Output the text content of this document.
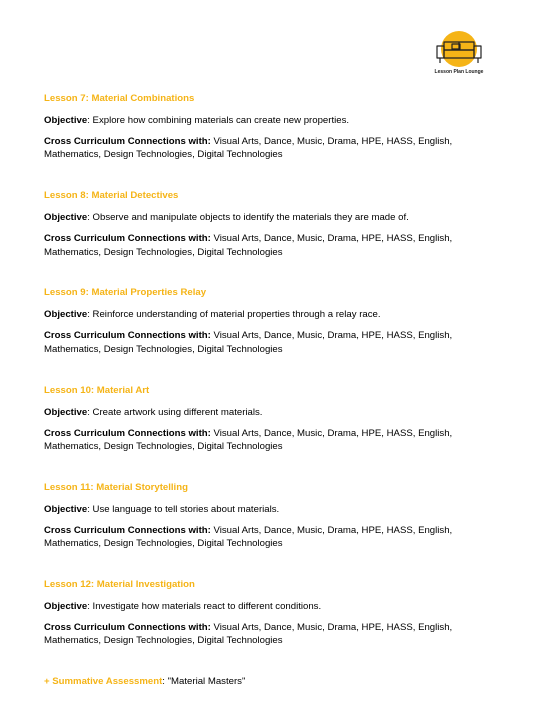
Lesson Plan Lounge
Lesson 7: Material Combinations
Objective: Explore how combining materials can create new properties.
Cross Curriculum Connections with: Visual Arts, Dance, Music, Drama, HPE, HASS, English, Mathematics, Design Technologies, Digital Technologies
Lesson 8: Material Detectives
Objective: Observe and manipulate objects to identify the materials they are made of.
Cross Curriculum Connections with: Visual Arts, Dance, Music, Drama, HPE, HASS, English, Mathematics, Design Technologies, Digital Technologies
Lesson 9: Material Properties Relay
Objective: Reinforce understanding of material properties through a relay race.
Cross Curriculum Connections with: Visual Arts, Dance, Music, Drama, HPE, HASS, English, Mathematics, Design Technologies, Digital Technologies
Lesson 10: Material Art
Objective: Create artwork using different materials.
Cross Curriculum Connections with: Visual Arts, Dance, Music, Drama, HPE, HASS, English, Mathematics, Design Technologies, Digital Technologies
Lesson 11: Material Storytelling
Objective: Use language to tell stories about materials.
Cross Curriculum Connections with: Visual Arts, Dance, Music, Drama, HPE, HASS, English, Mathematics, Design Technologies, Digital Technologies
Lesson 12: Material Investigation
Objective: Investigate how materials react to different conditions.
Cross Curriculum Connections with: Visual Arts, Dance, Music, Drama, HPE, HASS, English, Mathematics, Design Technologies, Digital Technologies
+ Summative Assessment: "Material Masters"
